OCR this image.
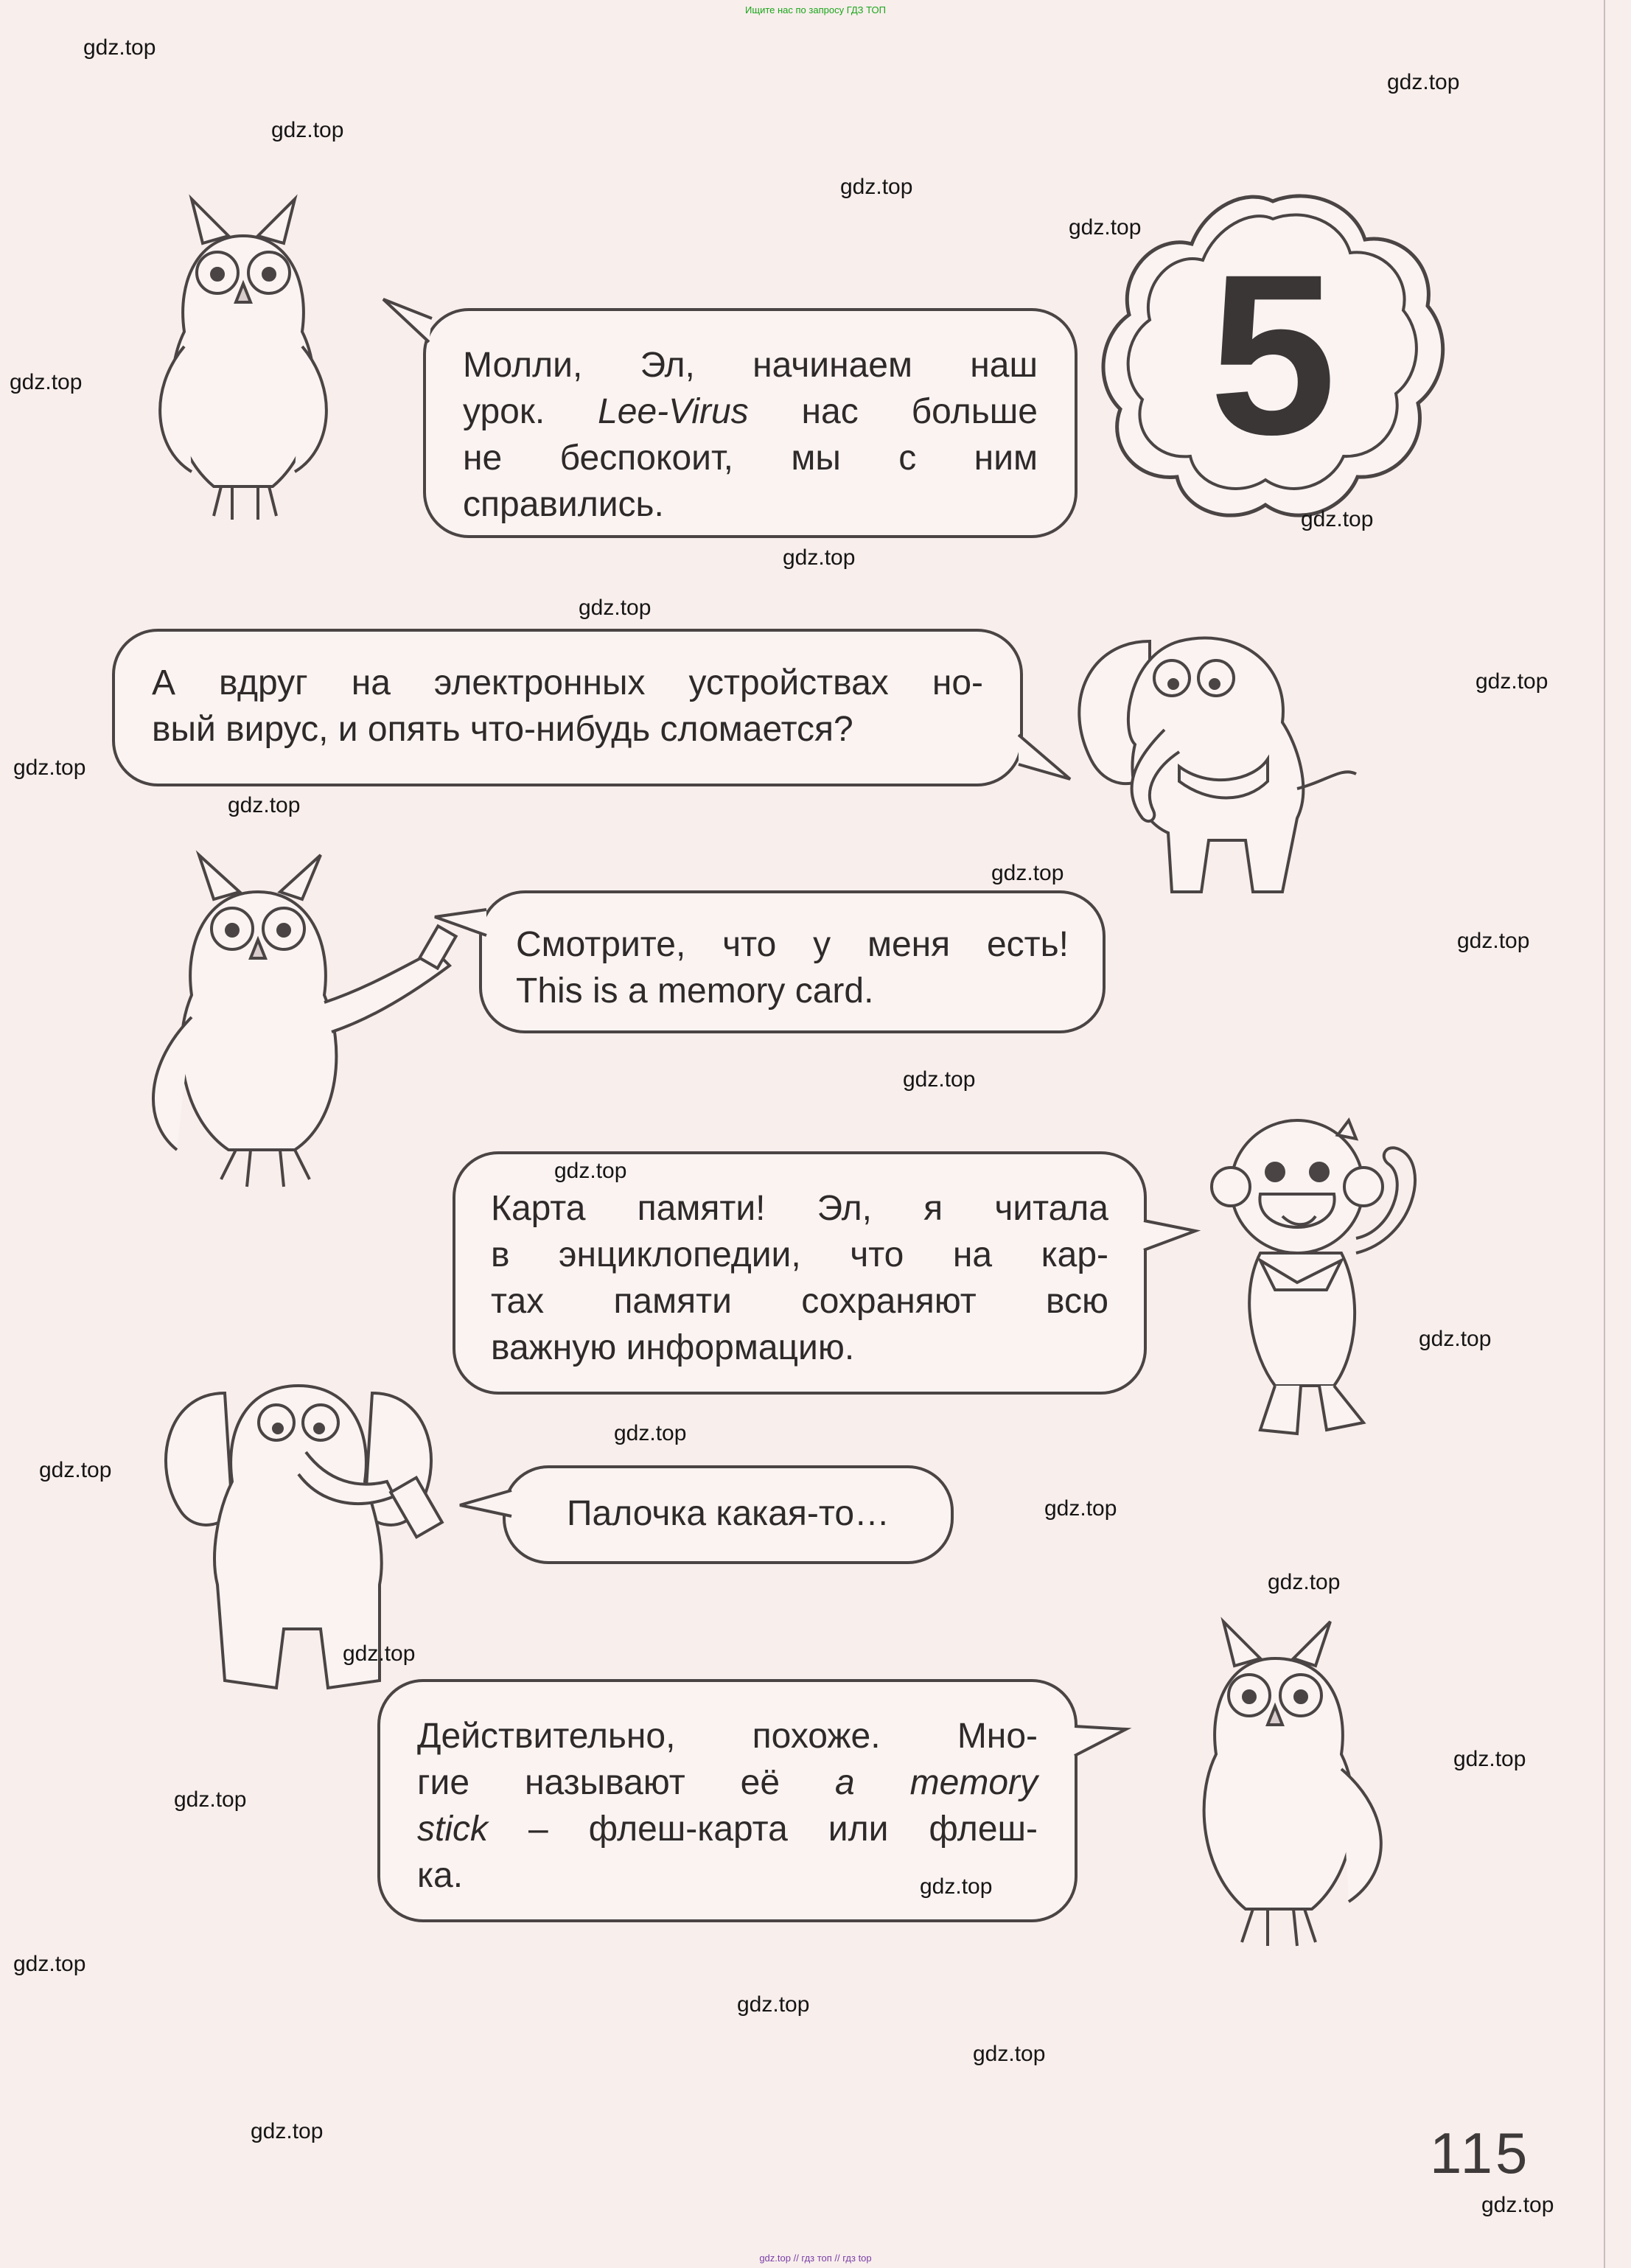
Ищите нас по запросу ГДЗ ТОП
5
Молли, Эл, начинаем наш
урок. Lee-Virus нас больше
не беспокоит, мы с ним
справились.
А вдруг на электронных устройствах но-
вый вирус, и опять что-нибудь сломается?
Смотрите, что у меня есть!
This is a memory card.
Карта памяти! Эл, я читала
в энциклопедии, что на кар-
тах памяти сохраняют всю
важную информацию.
Палочка какая-то…
Действительно, похоже. Мно-
гие называют её a memory
stick – флеш-карта или флеш-
ка.
gdz.top
gdz.top
gdz.top
gdz.top
gdz.top
gdz.top
gdz.top
gdz.top
gdz.top
gdz.top
gdz.top
gdz.top
gdz.top
gdz.top
gdz.top
gdz.top
gdz.top
gdz.top
gdz.top
gdz.top
gdz.top
gdz.top
gdz.top
gdz.top
gdz.top
gdz.top
gdz.top
gdz.top
gdz.top
gdz.top
115
gdz.top // гдз топ // гдз top
